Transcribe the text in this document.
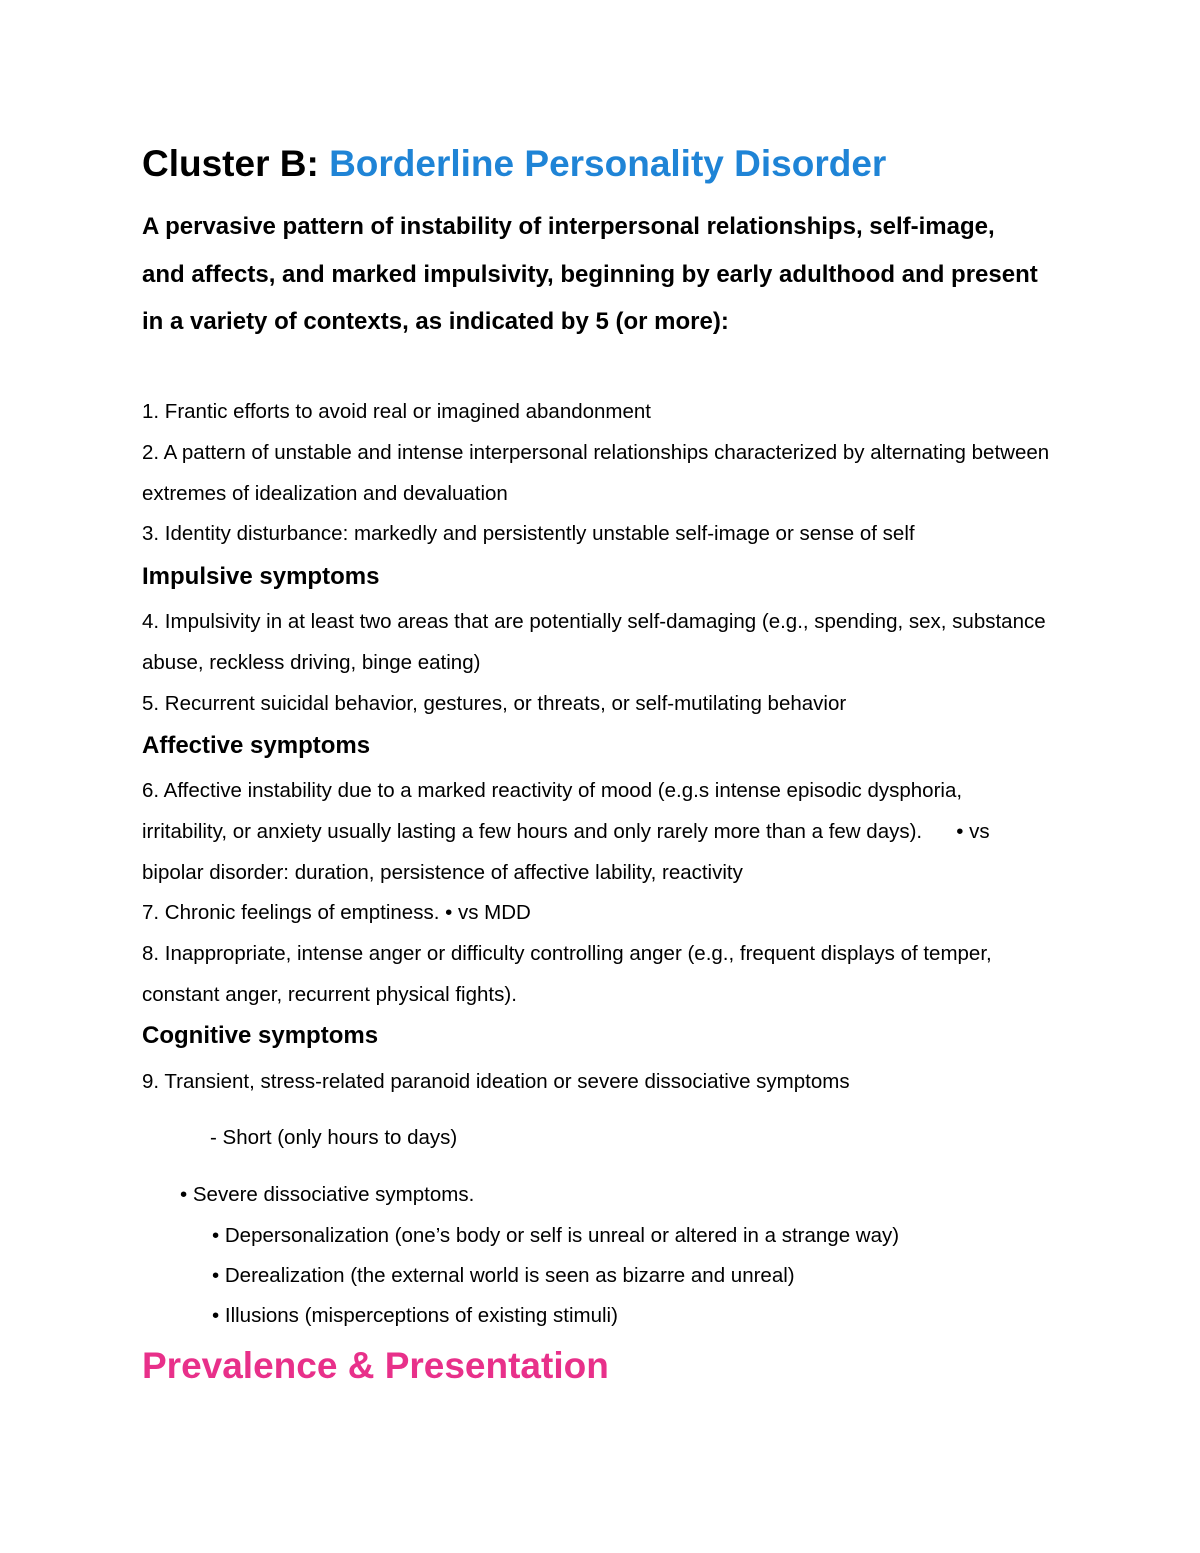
Cluster B: Borderline Personality Disorder

A pervasive pattern of instability of interpersonal relationships, self-image, and affects, and marked impulsivity, beginning by early adulthood and present in a variety of contexts, as indicated by 5 (or more):

1. Frantic efforts to avoid real or imagined abandonment

2. A pattern of unstable and intense interpersonal relationships characterized by alternating between extremes of idealization and devaluation

3. Identity disturbance: markedly and persistently unstable self-image or sense of self

Impulsive symptoms

4. Impulsivity in at least two areas that are potentially self-damaging (e.g., spending, sex, substance abuse, reckless driving, binge eating)

5. Recurrent suicidal behavior, gestures, or threats, or self-mutilating behavior

Affective symptoms

6. Affective instability due to a marked reactivity of mood (e.g.s intense episodic dysphoria, irritability, or anxiety usually lasting a few hours and only rarely more than a few days).      • vs bipolar disorder: duration, persistence of affective lability, reactivity

7. Chronic feelings of emptiness. • vs MDD

8. Inappropriate, intense anger or difficulty controlling anger (e.g., frequent displays of temper, constant anger, recurrent physical fights).

Cognitive symptoms

9. Transient, stress-related paranoid ideation or severe dissociative symptoms

- Short (only hours to days)

• Severe dissociative symptoms.

• Depersonalization (one’s body or self is unreal or altered in a strange way)

• Derealization (the external world is seen as bizarre and unreal)

• Illusions (misperceptions of existing stimuli)

Prevalence & Presentation
